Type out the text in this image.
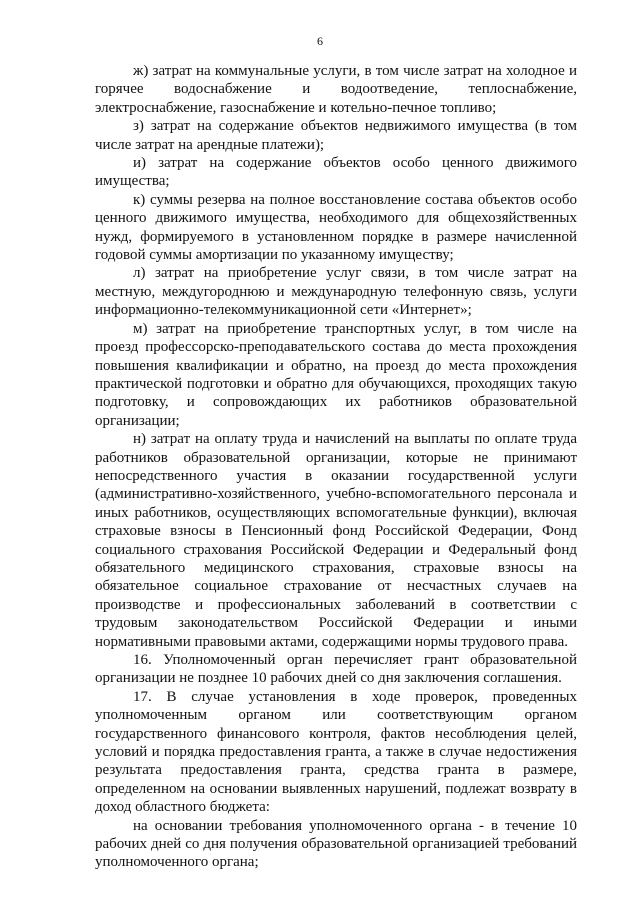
6

ж) затрат на коммунальные услуги, в том числе затрат на холодное и горячее водоснабжение и водоотведение, теплоснабжение, электроснабжение, газоснабжение и котельно-печное топливо;

з) затрат на содержание объектов недвижимого имущества (в том числе затрат на арендные платежи);

и) затрат на содержание объектов особо ценного движимого имущества;

к) суммы резерва на полное восстановление состава объектов особо ценного движимого имущества, необходимого для общехозяйственных нужд, формируемого в установленном порядке в размере начисленной годовой суммы амортизации по указанному имуществу;

л) затрат на приобретение услуг связи, в том числе затрат на местную, междугороднюю и международную телефонную связь, услуги информационно-телекоммуникационной сети «Интернет»;

м) затрат на приобретение транспортных услуг, в том числе на проезд профессорско-преподавательского состава до места прохождения повышения квалификации и обратно, на проезд до места прохождения практической подготовки и обратно для обучающихся, проходящих такую подготовку, и сопровождающих их работников образовательной организации;

н) затрат на оплату труда и начислений на выплаты по оплате труда работников образовательной организации, которые не принимают непосредственного участия в оказании государственной услуги (административно-хозяйственного, учебно-вспомогательного персонала и иных работников, осуществляющих вспомогательные функции), включая страховые взносы в Пенсионный фонд Российской Федерации, Фонд социального страхования Российской Федерации и Федеральный фонд обязательного медицинского страхования, страховые взносы на обязательное социальное страхование от несчастных случаев на производстве и профессиональных заболеваний в соответствии с трудовым законодательством Российской Федерации и иными нормативными правовыми актами, содержащими нормы трудового права.

16. Уполномоченный орган перечисляет грант образовательной организации не позднее 10 рабочих дней со дня заключения соглашения.

17. В случае установления в ходе проверок, проведенных уполномоченным органом или соответствующим органом государственного финансового контроля, фактов несоблюдения целей, условий и порядка предоставления гранта, а также в случае недостижения результата предоставления гранта, средства гранта в размере, определенном на основании выявленных нарушений, подлежат возврату в доход областного бюджета:

на основании требования уполномоченного органа - в течение 10 рабочих дней со дня получения образовательной организацией требований уполномоченного органа;
